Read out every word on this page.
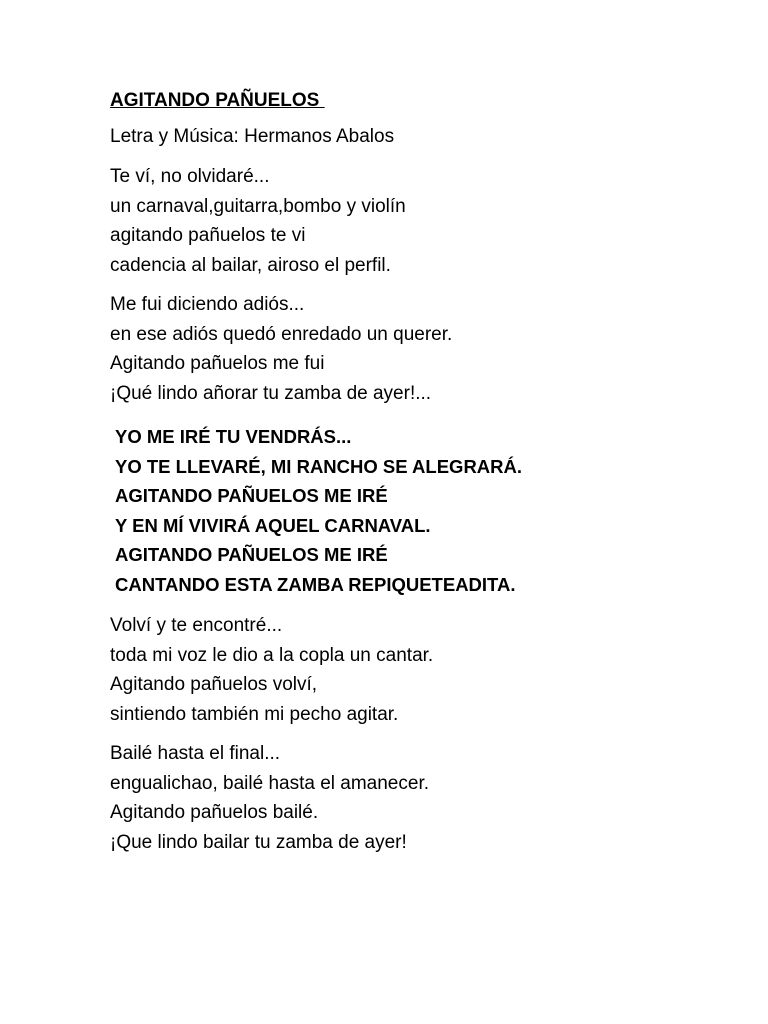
AGITANDO PAÑUELOS
Letra y Música: Hermanos Abalos
Te ví, no olvidaré...
un carnaval,guitarra,bombo y violín
agitando pañuelos te vi
cadencia al bailar, airoso el perfil.
Me fui diciendo adiós...
en ese adiós quedó enredado un querer.
Agitando pañuelos me fui
¡Qué lindo añorar tu zamba de ayer!...
YO ME IRÉ TU VENDRÁS...
YO TE LLEVARÉ, MI RANCHO SE ALEGRARÁ.
AGITANDO PAÑUELOS ME IRÉ
Y EN MÍ VIVIRÁ AQUEL CARNAVAL.
AGITANDO PAÑUELOS ME IRÉ
CANTANDO ESTA ZAMBA REPIQUETEADITA.
Volví y te encontré...
toda mi voz le dio a la copla un cantar.
Agitando pañuelos volví,
sintiendo también mi pecho agitar.
Bailé hasta el final...
engualichao, bailé hasta el amanecer.
Agitando pañuelos bailé.
¡Que lindo bailar tu zamba de ayer!
